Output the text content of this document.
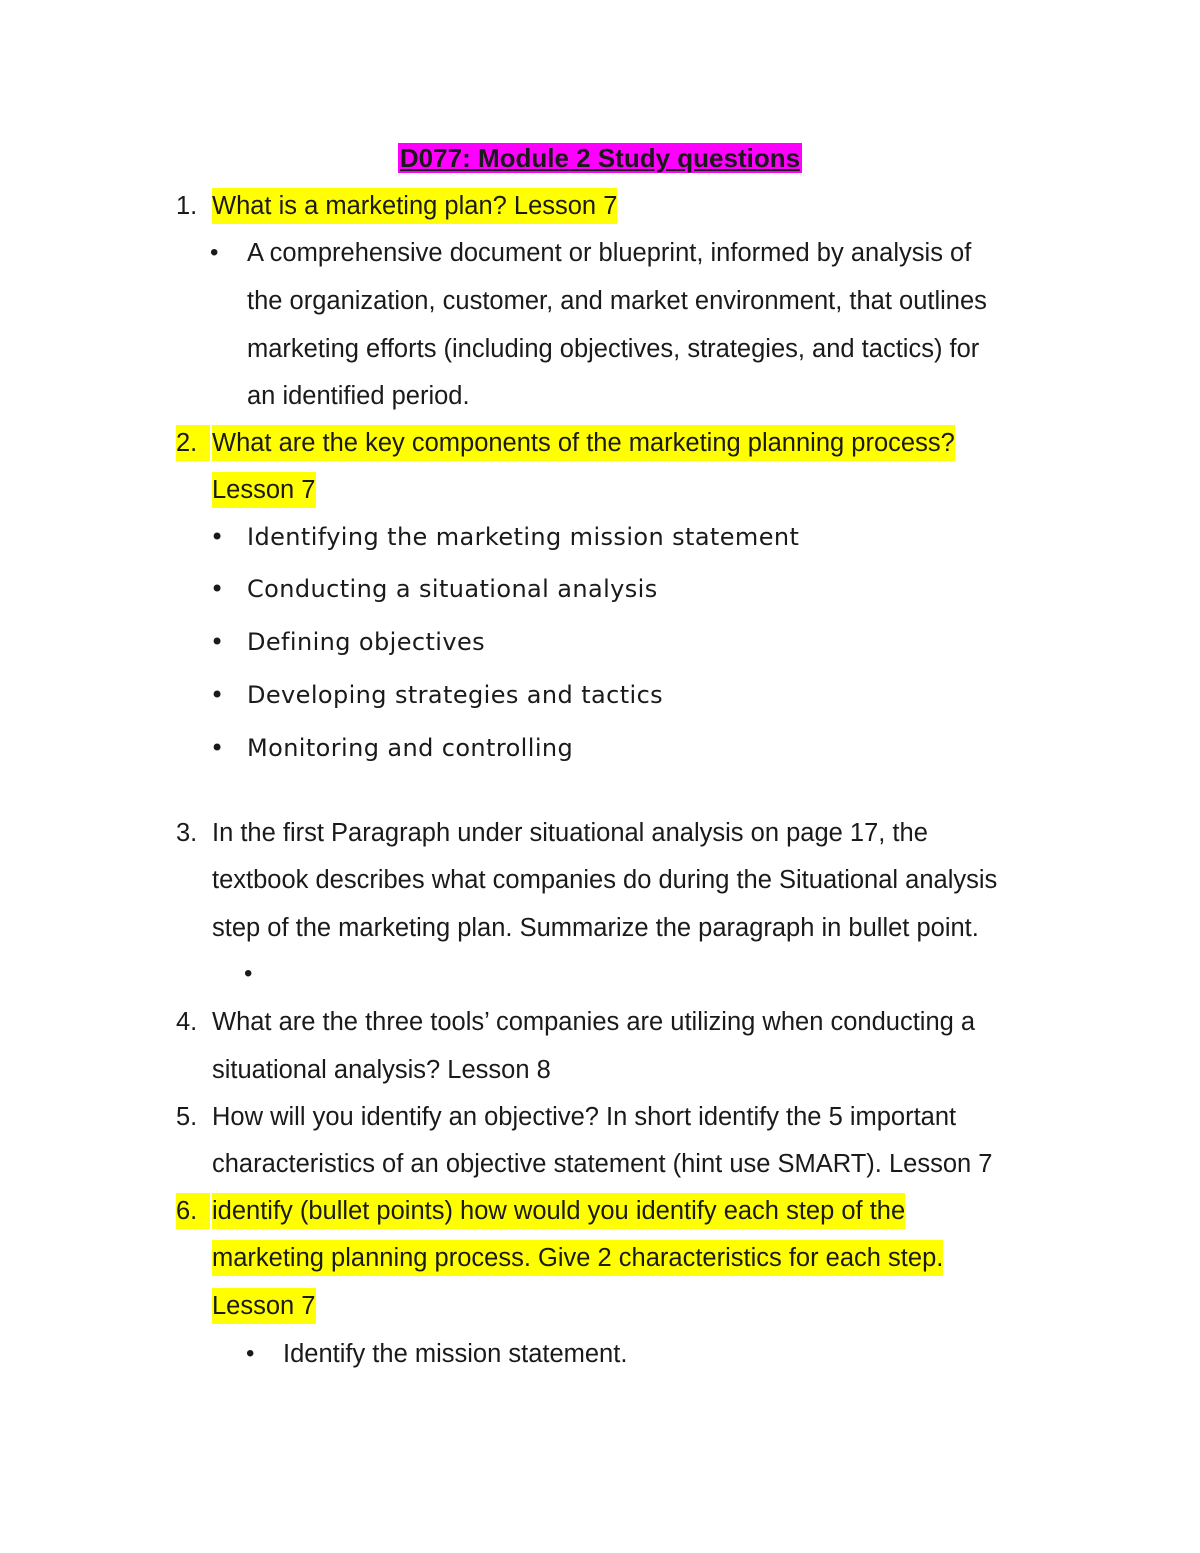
D077: Module 2 Study questions
1. What is a marketing plan? Lesson 7
• A comprehensive document or blueprint, informed by analysis of
the organization, customer, and market environment, that outlines
marketing efforts (including objectives, strategies, and tactics) for
an identified period.
2. What are the key components of the marketing planning process?
Lesson 7
• Identifying the marketing mission statement
• Conducting a situational analysis
• Defining objectives
• Developing strategies and tactics
• Monitoring and controlling
3. In the first Paragraph under situational analysis on page 17, the
textbook describes what companies do during the Situational analysis
step of the marketing plan. Summarize the paragraph in bullet point.
•
4. What are the three tools’ companies are utilizing when conducting a
situational analysis? Lesson 8
5. How will you identify an objective? In short identify the 5 important
characteristics of an objective statement (hint use SMART). Lesson 7
6. identify (bullet points) how would you identify each step of the
marketing planning process. Give 2 characteristics for each step.
Lesson 7
• Identify the mission statement.
